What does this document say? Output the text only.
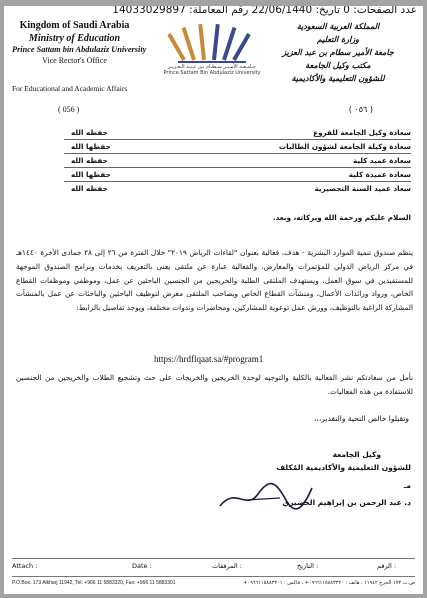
عدد الصفحات: 0 تاريخ: 22/06/1440 رقم المعاملة: 14033029897
Kingdom of Saudi Arabia
Ministry of Education
Prince Sattam bin Abdulaziz University
Vice Rector's Office
For Educational and Academic Affairs
( 056 )
جـامـعـة الأمـيـر سـطـام بـن عـبـد الـعـزيـز
Prince Sattam Bin Abdulaziz University
المملكة العربية السعودية
وزارة التعليم
جامعة الأمير سطام بن عبد العزيز
مكتب وكيل الجامعة
للشؤون التعليمية والأكاديمية
( ٠٥٦ )
سعادة وكيل الجامعة للفروع
حفظه الله
سعادة وكيلة الجامعة لشؤون الطالبات
حفظها الله
سعادة عميد كلية
حفظه الله
سعادة عميدة كلية
حفظها الله
سعاد عميد السنة التحضيرية
حفظه الله
السلام عليكم ورحمة الله وبركاته، وبعد.

ينظم صندوق تنمية الموارد البشرية - هدف، فعالية بعنوان "لقاءات الرياض ٢٠١٩" خلال الفترة من ٢٦ إلى ٢٨ جمادى الأخرة ١٤٤٠هـ في مركز الرياض الدولي للمؤتمرات والمعارض، والفعالية عبارة عن ملتقى يعنى بالتعريف بخدمات وبرامج الصندوق الموجهة للمستفيدين في سوق العمل، ويستهدف الملتقى الطلبة والخريجين من الجنسين الباحثين عن عمل، وموظفي وموظفات القطاع الخاص، ورواد ورائدات الأعمال، ومنشآت القطاع الخاص ويصاحب الملتقى معرض لتوظيف الباحثين والباحثات عن عمل بالمنشآت المشاركة الراغبة بالتوظيف، وورش عمل توعوية للمشاركين، ومحاضرات وندوات مختلفة، ويوجد تفاصيل بالرابط:

https://hrdflqaat.sa/#program1
نأمل من سعادتكم نشر الفعالية بالكلية والتوجيه لوحدة الخريجين والخريجات على حث وتشجيع الطلاب والخريجين من الجنسين للاستفادة من هذه الفعاليات.
وتقبلوا خالص التحية والتقدير،،،
وكيل الجامعة
للشؤون التعليمية والأكاديمية المُكلف
مـ
د. عبد الرحمن بن إبراهيم الخضيري
Attach :	Date :	المرفقات :	التاريخ :	الرقم :
P.O.Box. 173 Alkharj 11942, Tel: +966 11 5883320, Fax: +966 11 5883301	ص.ب ١٧٣ الخرج ١١٩٤٢ ، هاتف : ٠٩٦٦١١٥٨٨٣٣٢٠+ ، فاكس : ٠٩٦٦١١٥٨٨٣٣٠١+
